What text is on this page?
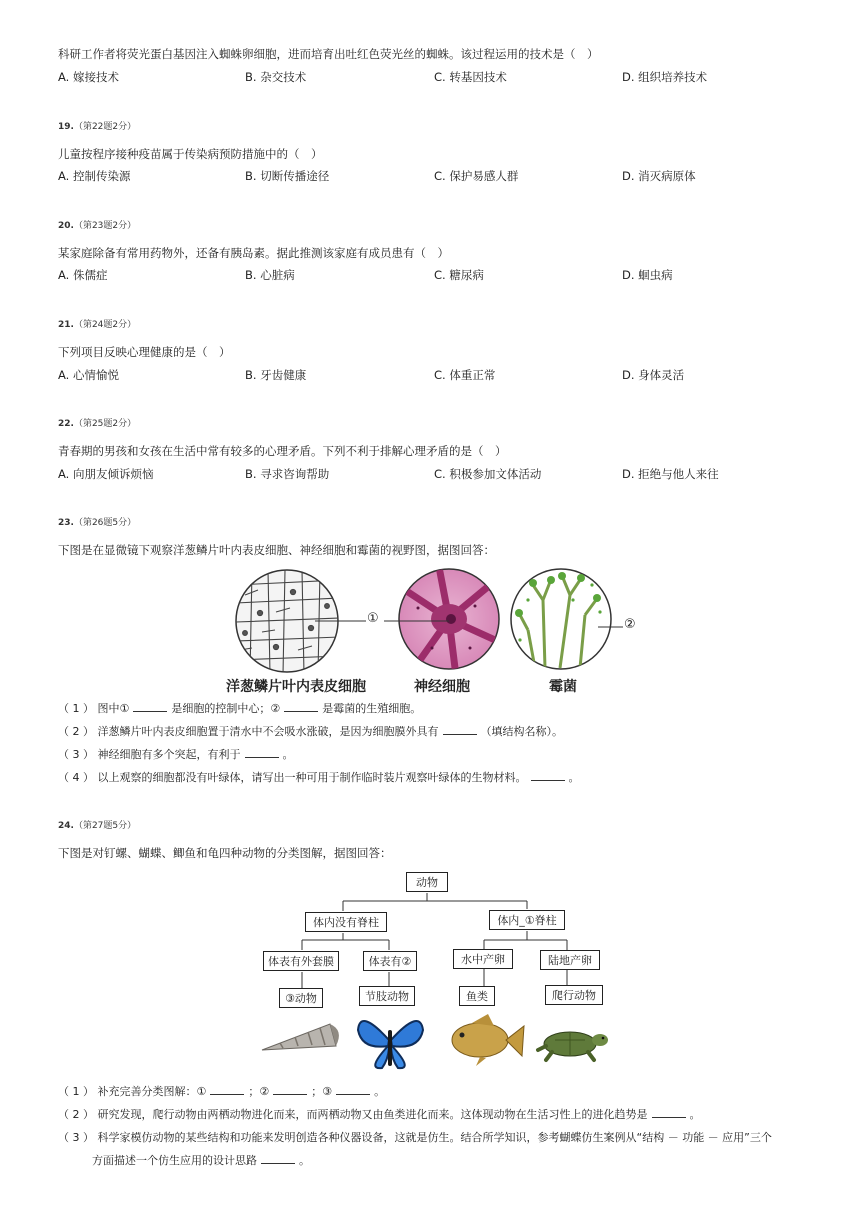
科研工作者将荧光蛋白基因注入蜘蛛卵细胞，进而培育出吐红色荧光丝的蜘蛛。该过程运用的技术是（　）
A. 嫁接技术	B. 杂交技术	C. 转基因技术	D. 组织培养技术
19.（第22题2分）
儿童按程序接种疫苗属于传染病预防措施中的（　）
A. 控制传染源	B. 切断传播途径	C. 保护易感人群	D. 消灭病原体
20.（第23题2分）
某家庭除备有常用药物外，还备有胰岛素。据此推测该家庭有成员患有（　）
A. 侏儒症	B. 心脏病	C. 糖尿病	D. 蛔虫病
21.（第24题2分）
下列项目反映心理健康的是（　）
A. 心情愉悦	B. 牙齿健康	C. 体重正常	D. 身体灵活
22.（第25题2分）
青春期的男孩和女孩在生活中常有较多的心理矛盾。下列不利于排解心理矛盾的是（　）
A. 向朋友倾诉烦恼	B. 寻求咨询帮助	C. 积极参加文体活动	D. 拒绝与他人来往
23.（第26题5分）
下图是在显微镜下观察洋葱鳞片叶内表皮细胞、神经细胞和霉菌的视野图，据图回答：
①	②
洋葱鳞片叶内表皮细胞	神经细胞	霉菌
（ 1 ） 图中①	是细胞的控制中心；②	是霉菌的生殖细胞。
（ 2 ） 洋葱鳞片叶内表皮细胞置于清水中不会吸水涨破，是因为细胞膜外具有	（填结构名称）。
（ 3 ） 神经细胞有多个突起，有利于	。
（ 4 ） 以上观察的细胞都没有叶绿体，请写出一种可用于制作临时装片观察叶绿体的生物材料。	。
24.（第27题5分）
下图是对钉螺、蝴蝶、鲫鱼和龟四种动物的分类图解，据图回答：
动物
体内没有脊柱	体内_①脊柱
体表有外套膜	体表有②	水中产卵	陆地产卵
③动物	节肢动物	鱼类	爬行动物
（ 1 ） 补充完善分类图解：①	；②	；③	。
（ 2 ） 研究发现，爬行动物由两栖动物进化而来，而两栖动物又由鱼类进化而来。这体现动物在生活习性上的进化趋势是	。
（ 3 ） 科学家模仿动物的某些结构和功能来发明创造各种仪器设备，这就是仿生。结合所学知识，参考蝴蝶仿生案例从“结构 － 功能 － 应用”三个
方面描述一个仿生应用的设计思路	。
